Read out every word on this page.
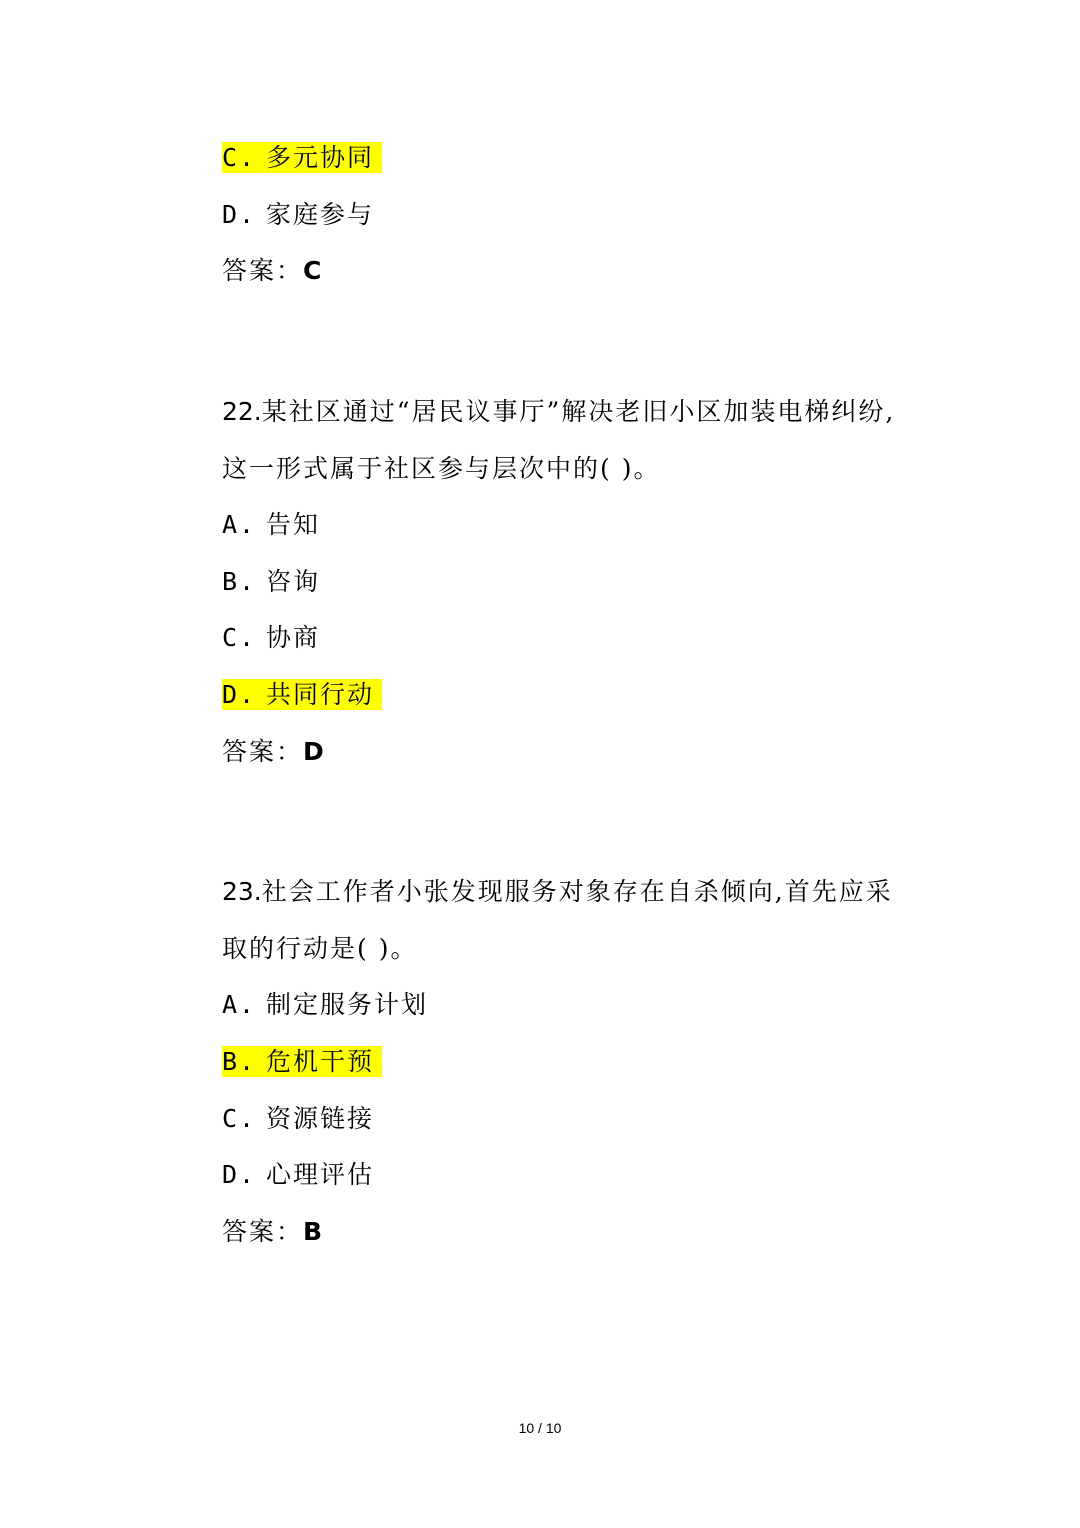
C. 多元协同
D. 家庭参与
答案：C
22.某社区通过“居民议事厅”解决老旧小区加装电梯纠纷,
这一形式属于社区参与层次中的( )。
A. 告知
B. 咨询
C. 协商
D. 共同行动
答案：D
23.社会工作者小张发现服务对象存在自杀倾向,首先应采
取的行动是( )。
A. 制定服务计划
B. 危机干预
C. 资源链接
D. 心理评估
答案：B
10 / 10
